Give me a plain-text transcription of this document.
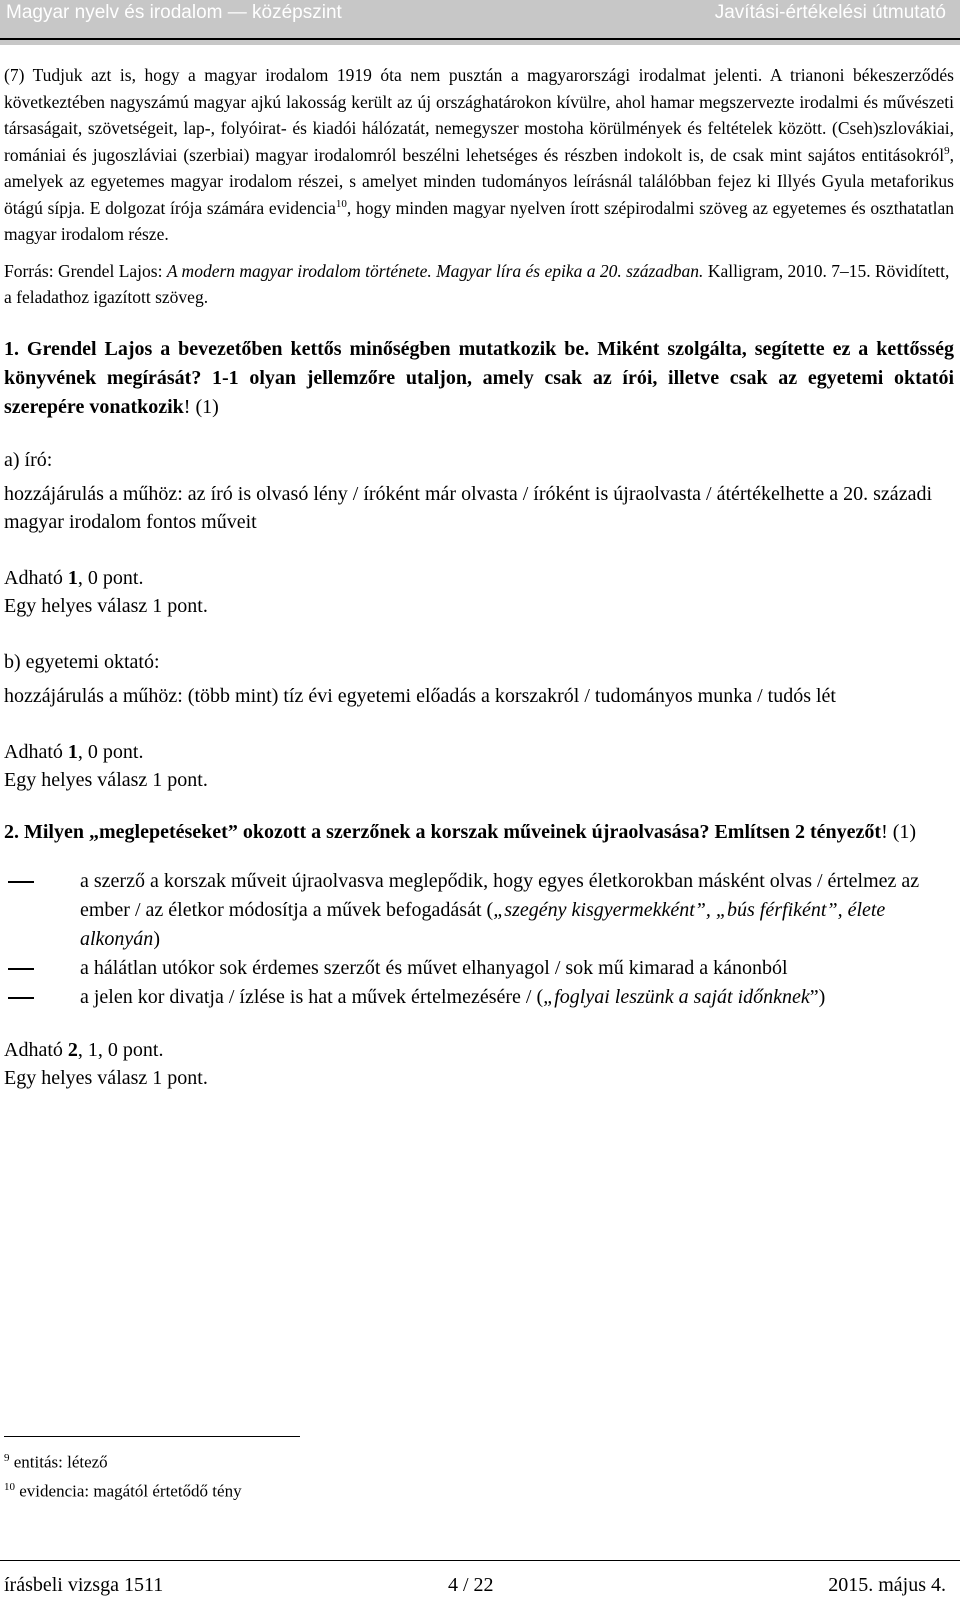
Magyar nyelv és irodalom — középszint	Javítási-értékelési útmutató

(7) Tudjuk azt is, hogy a magyar irodalom 1919 óta nem pusztán a magyarországi irodalmat jelenti. A trianoni békeszerződés következtében nagyszámú magyar ajkú lakosság került az új országhatárokon kívülre, ahol hamar megszervezte irodalmi és művészeti társaságait, szövetségeit, lap-, folyóirat- és kiadói hálózatát, nemegyszer mostoha körülmények és feltételek között. (Cseh)szlovákiai, romániai és jugoszláviai (szerbiai) magyar irodalomról beszélni lehetséges és részben indokolt is, de csak mint sajátos entitásokról$^9$, amelyek az egyetemes magyar irodalom részei, s amelyet minden tudományos leírásnál találóbban fejez ki Illyés Gyula metaforikus ötágú sípja. E dolgozat írója számára evidencia$^{10}$, hogy minden magyar nyelven írott szépirodalmi szöveg az egyetemes és oszthatatlan magyar irodalom része.

Forrás: Grendel Lajos: A modern magyar irodalom története. Magyar líra és epika a 20. században. Kalligram, 2010. 7–15. Rövidített, a feladathoz igazított szöveg.

1. Grendel Lajos a bevezetőben kettős minőségben mutatkozik be. Miként szolgálta, segítette ez a kettősség könyvének megírását? 1-1 olyan jellemzőre utaljon, amely csak az írói, illetve csak az egyetemi oktatói szerepére vonatkozik! (1)

a) író:

hozzájárulás a műhöz: az író is olvasó lény / íróként már olvasta / íróként is újraolvasta / átértékelhette a 20. századi magyar irodalom fontos műveit

Adható 1, 0 pont.

Egy helyes válasz 1 pont.

b) egyetemi oktató:

hozzájárulás a műhöz: (több mint) tíz évi egyetemi előadás a korszakról / tudományos munka / tudós lét

Adható 1, 0 pont.

Egy helyes válasz 1 pont.

2. Milyen „meglepetéseket” okozott a szerzőnek a korszak műveinek újraolvasása? Említsen 2 tényezőt! (1)

a szerző a korszak műveit újraolvasva meglepődik, hogy egyes életkorokban másként olvas / értelmez az ember / az életkor módosítja a művek befogadását („szegény kisgyermekként”, „bús férfiként”, élete alkonyán)
a hálátlan utókor sok érdemes szerzőt és művet elhanyagol / sok mű kimarad a kánonból
a jelen kor divatja / ízlése is hat a művek értelmezésére / („foglyai leszünk a saját időnknek”)

Adható 2, 1, 0 pont.

Egy helyes válasz 1 pont.

$^9$ entitás: létező
$^{10}$ evidencia: magától értetődő tény
írásbeli vizsga 1511	4 / 22	2015. május 4.
